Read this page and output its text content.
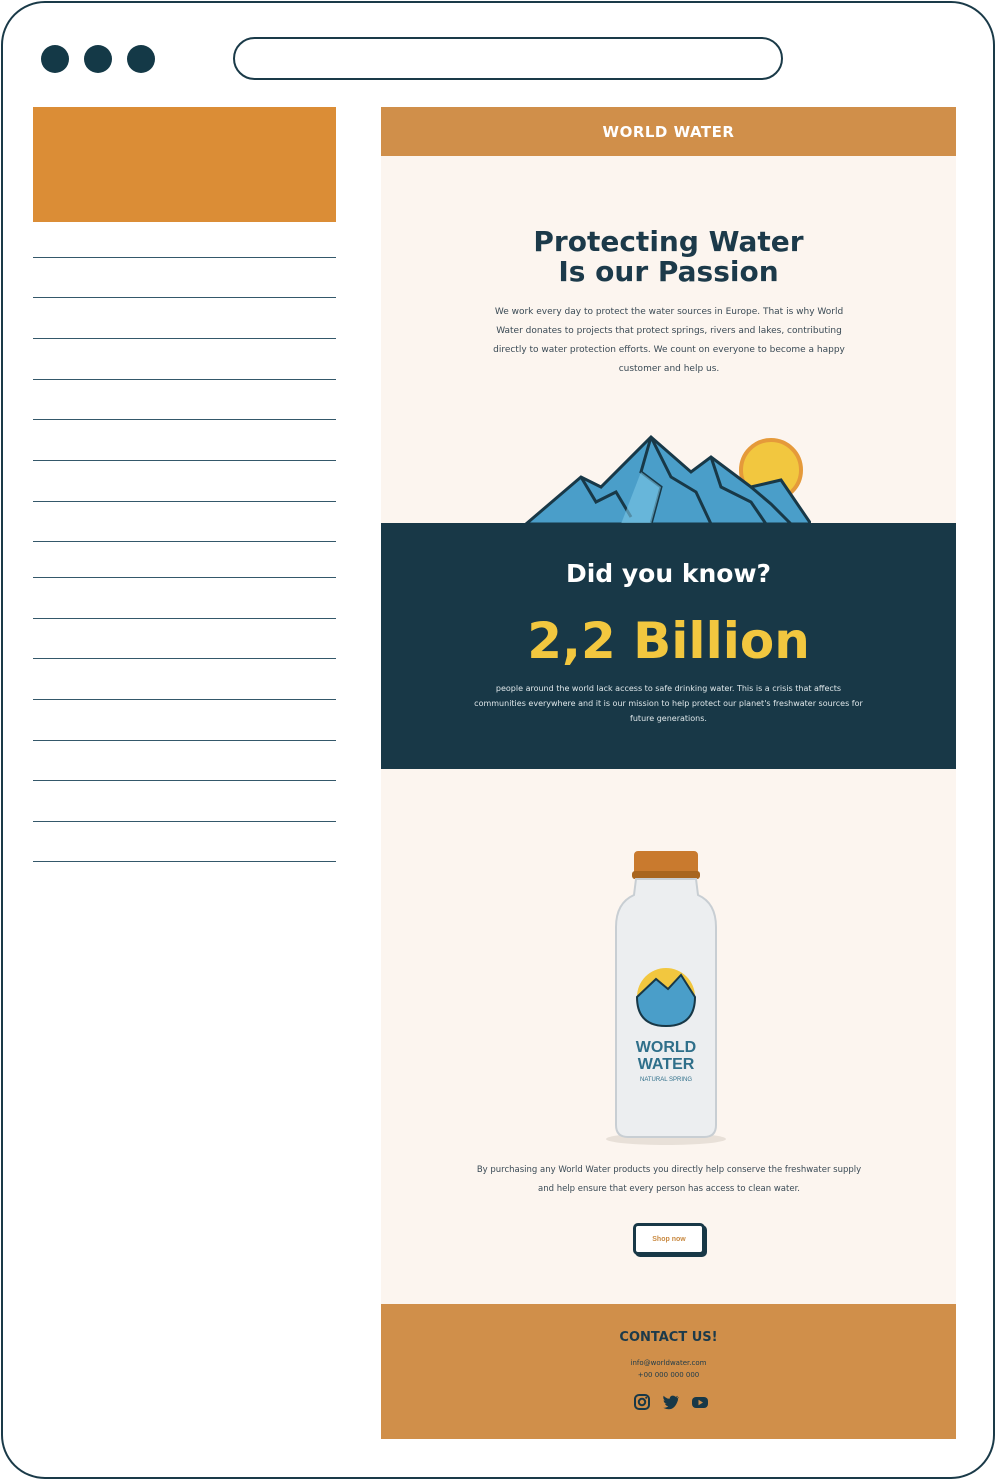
WORLD WATER
Protecting Water
Is our Passion

We work every day to protect the water sources in Europe. That is why World Water donates to projects that protect springs, rivers and lakes, contributing directly to water protection efforts. We count on everyone to become a happy customer and help us.

Did you know?
2,2 Billion

people around the world lack access to safe drinking water. This is a crisis that affects communities everywhere and it is our mission to help protect our planet's freshwater sources for future generations.

WORLD
WATER
NATURAL SPRING

By purchasing any World Water products you directly help conserve the freshwater supply and help ensure that every person has access to clean water.

Shop now
CONTACT US!

info@worldwater.com

+00 000 000 000
